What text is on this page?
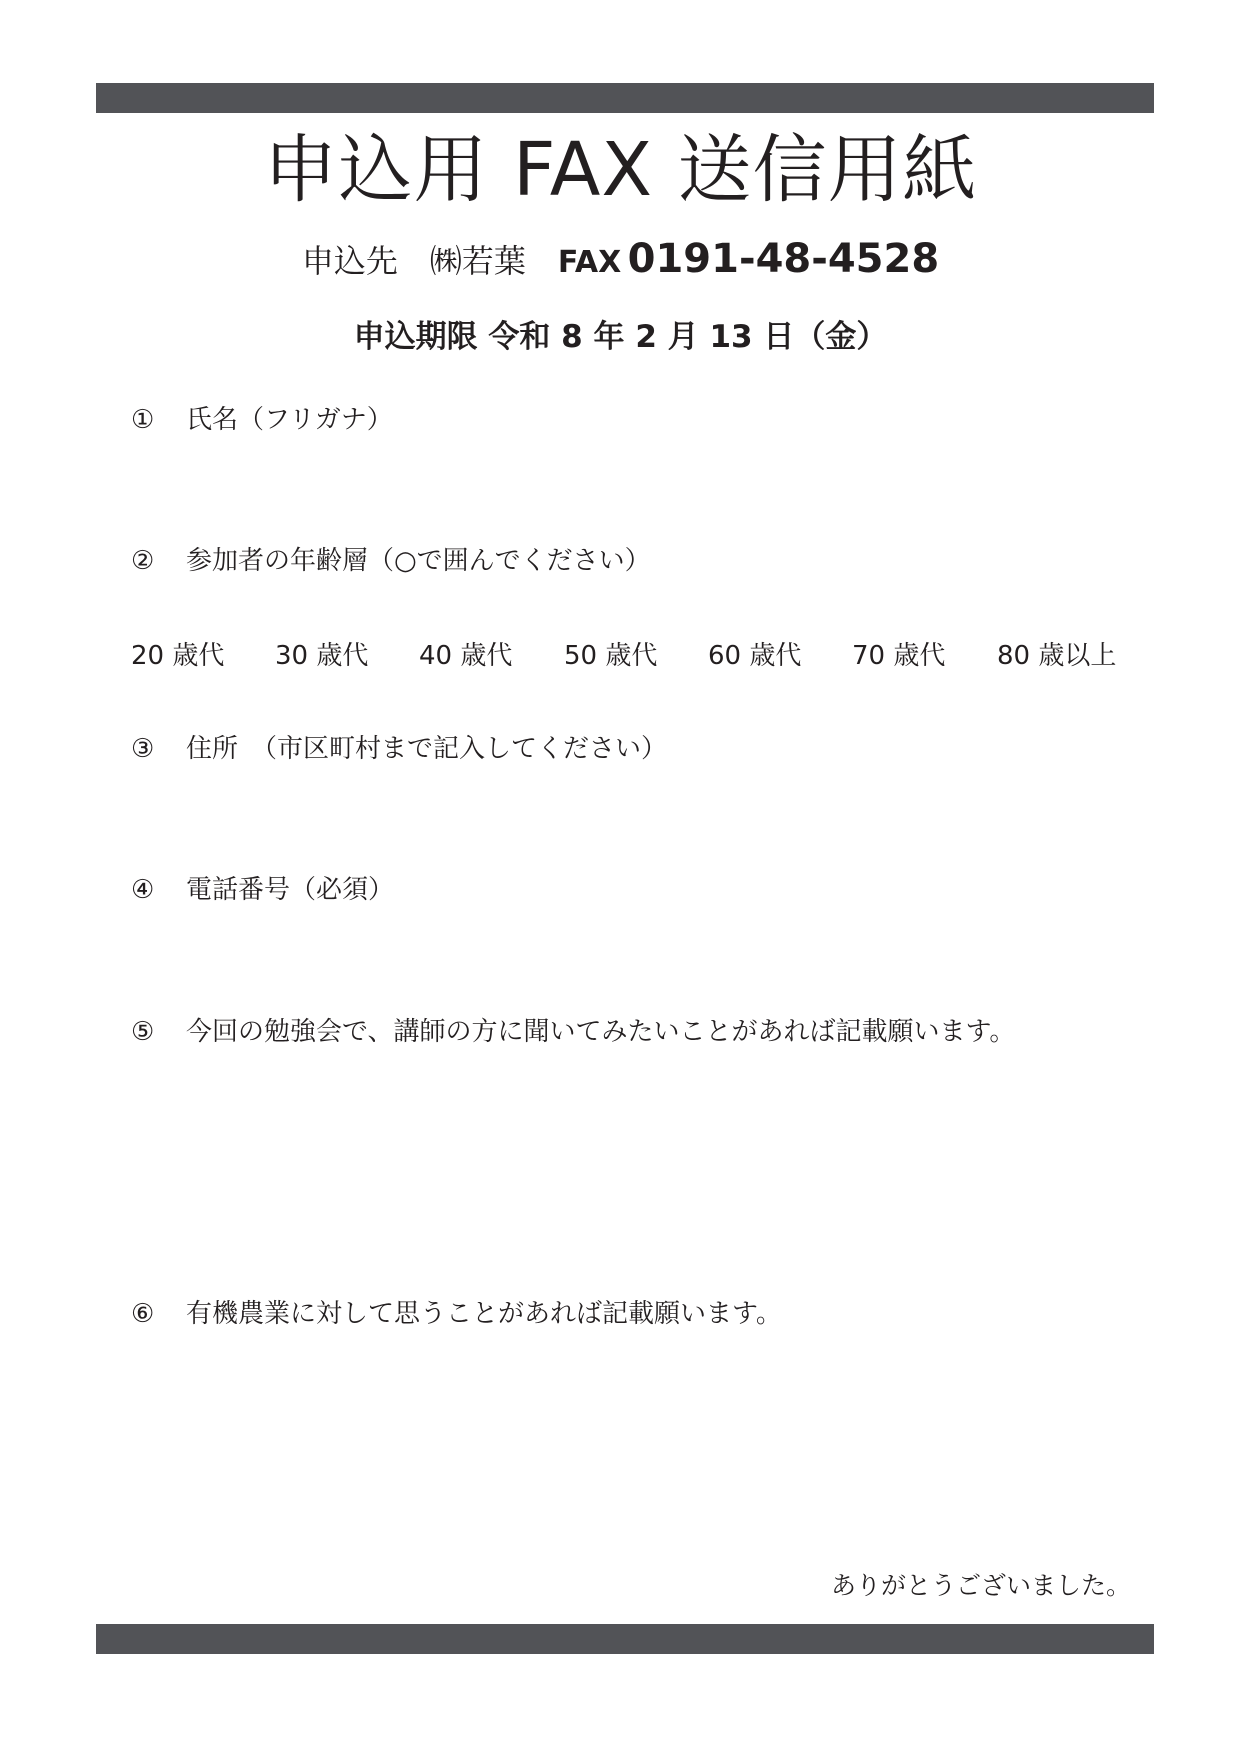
申込用 FAX 送信用紙
申込先 ㈱若葉 FAX  0191-48-4528
申込期限 令和 8 年 2 月 13 日（金）
① 氏名（フリガナ）
② 参加者の年齢層（○で囲んでください）
20 歳代 30 歳代 40 歳代 50 歳代 60 歳代 70 歳代 80 歳以上
③ 住所　（市区町村まで記入してください）
④ 電話番号（必須）
⑤ 今回の勉強会で、講師の方に聞いてみたいことがあれば記載願います。
⑥ 有機農業に対して思うことがあれば記載願います。
ありがとうございました。
